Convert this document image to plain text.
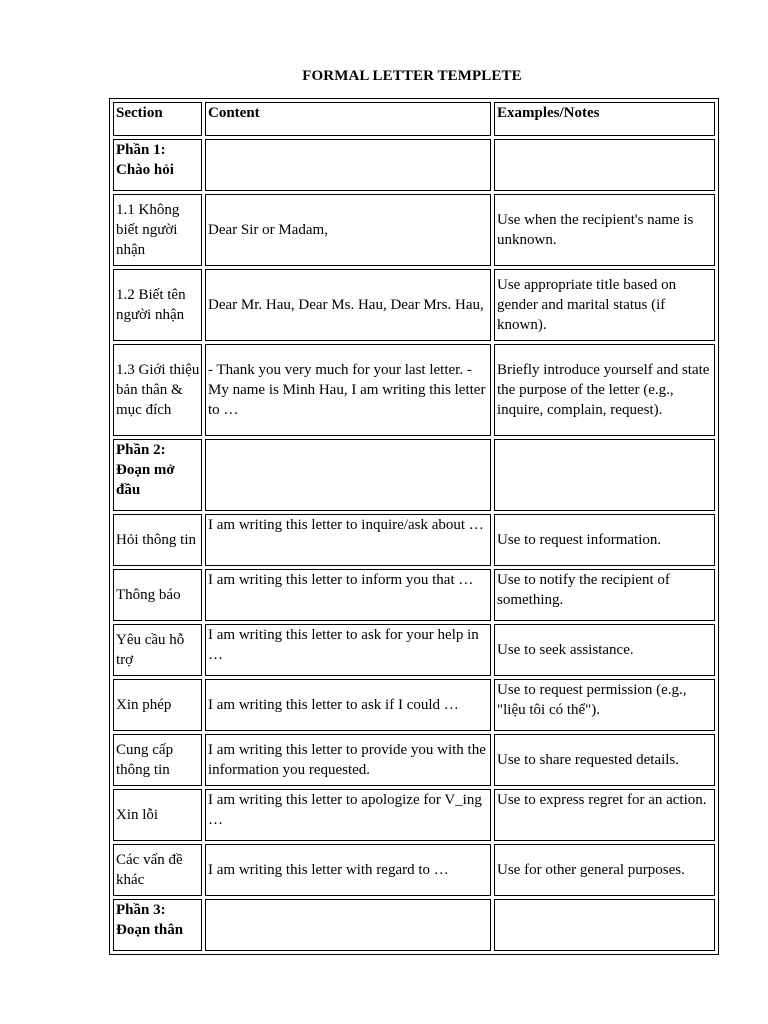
FORMAL LETTER TEMPLETE
Section	Content	Examples/Notes
Phần 1: Chào hỏi		
1.1 Không biết người nhận	Dear Sir or Madam,	Use when the recipient's name is unknown.
1.2 Biết tên người nhận	Dear Mr. Hau, Dear Ms. Hau, Dear Mrs. Hau,	Use appropriate title based on gender and marital status (if known).
1.3 Giới thiệu bản thân & mục đích	- Thank you very much for your last letter. - My name is Minh Hau, I am writing this letter to …	Briefly introduce yourself and state the purpose of the letter (e.g., inquire, complain, request).
Phần 2: Đoạn mở đầu		
Hỏi thông tin	I am writing this letter to inquire/ask about …	Use to request information.
Thông báo	I am writing this letter to inform you that …	Use to notify the recipient of something.
Yêu cầu hỗ trợ	I am writing this letter to ask for your help in …	Use to seek assistance.
Xin phép	I am writing this letter to ask if I could …	Use to request permission (e.g., "liệu tôi có thể").
Cung cấp thông tin	I am writing this letter to provide you with the information you requested.	Use to share requested details.
Xin lỗi	I am writing this letter to apologize for V_ing …	Use to express regret for an action.
Các vấn đề khác	I am writing this letter with regard to …	Use for other general purposes.
Phần 3: Đoạn thân		
